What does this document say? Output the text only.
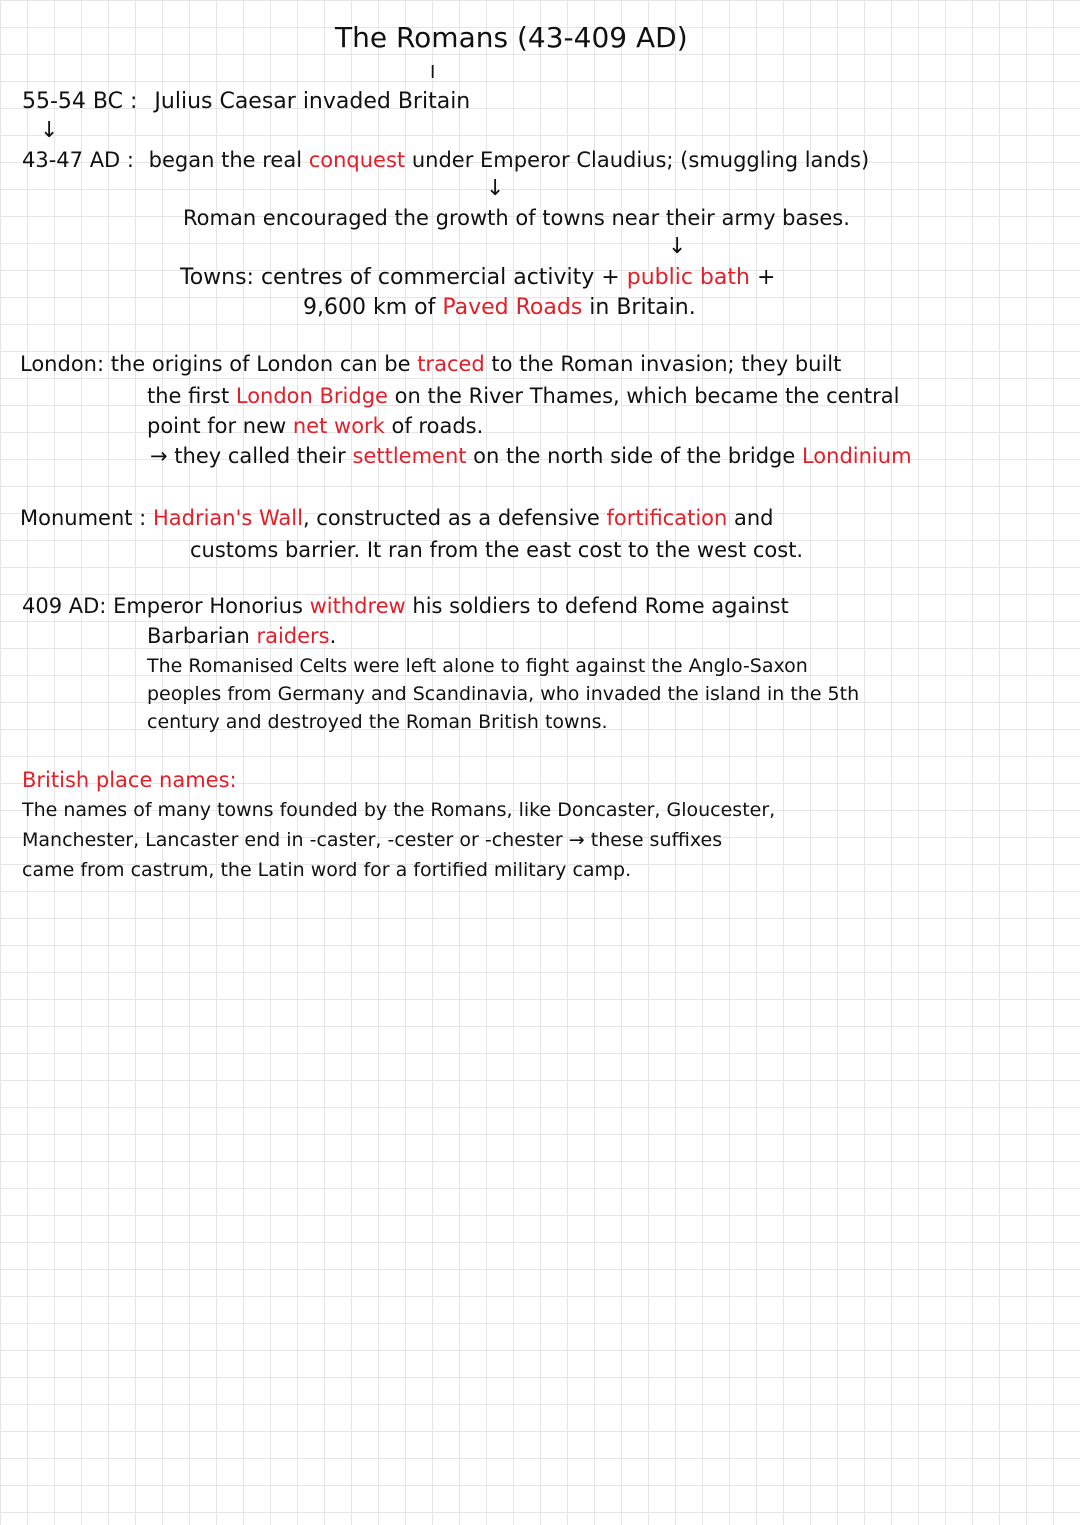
The Romans (43-409 AD)
I
55-54 BC : Julius Caesar invaded Britain
↓
43-47 AD : began the real conquest under Emperor Claudius; (smuggling lands)
↓
Roman encouraged the growth of towns near their army bases.
↓
Towns: centres of commercial activity + public bath +
9,600 km of Paved Roads in Britain.
London: the origins of London can be traced to the Roman invasion; they built
the first London Bridge on the River Thames, which became the central
point for new net work of roads.
→ they called their settlement on the north side of the bridge Londinium
Monument : Hadrian's Wall, constructed as a defensive fortification and
customs barrier. It ran from the east cost to the west cost.
409 AD: Emperor Honorius withdrew his soldiers to defend Rome against
Barbarian raiders.
The Romanised Celts were left alone to fight against the Anglo-Saxon
peoples from Germany and Scandinavia, who invaded the island in the 5th
century and destroyed the Roman British towns.
British place names:
The names of many towns founded by the Romans, like Doncaster, Gloucester,
Manchester, Lancaster end in -caster, -cester or -chester → these suffixes
came from castrum, the Latin word for a fortified military camp.
